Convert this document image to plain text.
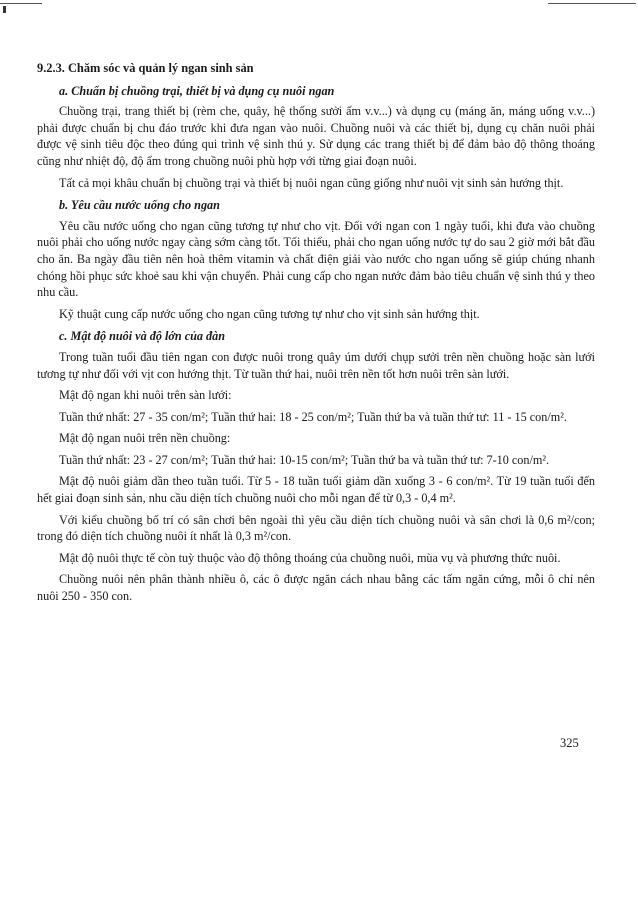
9.2.3. Chăm sóc và quản lý ngan sinh sản
a. Chuẩn bị chuồng trại, thiết bị và dụng cụ nuôi ngan

Chuồng trại, trang thiết bị (rèm che, quây, hệ thống sưởi ấm v.v...) và dụng cụ (máng ăn, máng uống v.v...) phải được chuẩn bị chu đáo trước khi đưa ngan vào nuôi. Chuồng nuôi và các thiết bị, dụng cụ chăn nuôi phải được vệ sinh tiêu độc theo đúng qui trình vệ sinh thú y. Sử dụng các trang thiết bị để đảm bảo độ thông thoáng cũng như nhiệt độ, độ ẩm trong chuồng nuôi phù hợp với từng giai đoạn nuôi.

Tất cả mọi khâu chuẩn bị chuồng trại và thiết bị nuôi ngan cũng giống như nuôi vịt sinh sản hướng thịt.

b. Yêu cầu nước uống cho ngan

Yêu cầu nước uống cho ngan cũng tương tự như cho vịt. Đối với ngan con 1 ngày tuổi, khi đưa vào chuồng nuôi phải cho uống nước ngay càng sớm càng tốt. Tối thiểu, phải cho ngan uống nước tự do sau 2 giờ mới bắt đầu cho ăn. Ba ngày đầu tiên nên hoà thêm vitamin và chất điện giải vào nước cho ngan uống sẽ giúp chúng nhanh chóng hồi phục sức khoẻ sau khi vận chuyển. Phải cung cấp cho ngan nước đảm bảo tiêu chuẩn vệ sinh thú y theo nhu cầu.

Kỹ thuật cung cấp nước uống cho ngan cũng tương tự như cho vịt sinh sản hướng thịt.

c. Mật độ nuôi và độ lớn của đàn

Trong tuần tuổi đầu tiên ngan con được nuôi trong quây úm dưới chụp sưởi trên nền chuồng hoặc sàn lưới tương tự như đối với vịt con hướng thịt. Từ tuần thứ hai, nuôi trên nền tốt hơn nuôi trên sàn lưới.

Mật độ ngan khi nuôi trên sàn lưới:

Tuần thứ nhất: 27 - 35 con/m²; Tuần thứ hai: 18 - 25 con/m²; Tuần thứ ba và tuần thứ tư: 11 - 15 con/m².

Mật độ ngan nuôi trên nền chuồng:

Tuần thứ nhất: 23 - 27 con/m²; Tuần thứ hai: 10-15 con/m²; Tuần thứ ba và tuần thứ tư: 7-10 con/m².

Mật độ nuôi giảm dần theo tuần tuổi. Từ 5 - 18 tuần tuổi giảm dần xuống 3 - 6 con/m². Từ 19 tuần tuổi đến hết giai đoạn sinh sản, nhu cầu diện tích chuồng nuôi cho mỗi ngan để từ 0,3 - 0,4 m².

Với kiểu chuồng bố trí có sân chơi bên ngoài thì yêu cầu diện tích chuồng nuôi và sân chơi là 0,6 m²/con; trong đó diện tích chuồng nuôi ít nhất là 0,3 m²/con.

Mật độ nuôi thực tế còn tuỳ thuộc vào độ thông thoáng của chuồng nuôi, mùa vụ và phương thức nuôi.

Chuồng nuôi nên phân thành nhiều ô, các ô được ngăn cách nhau bằng các tấm ngăn cứng, mỗi ô chỉ nên nuôi 250 - 350 con.

325
